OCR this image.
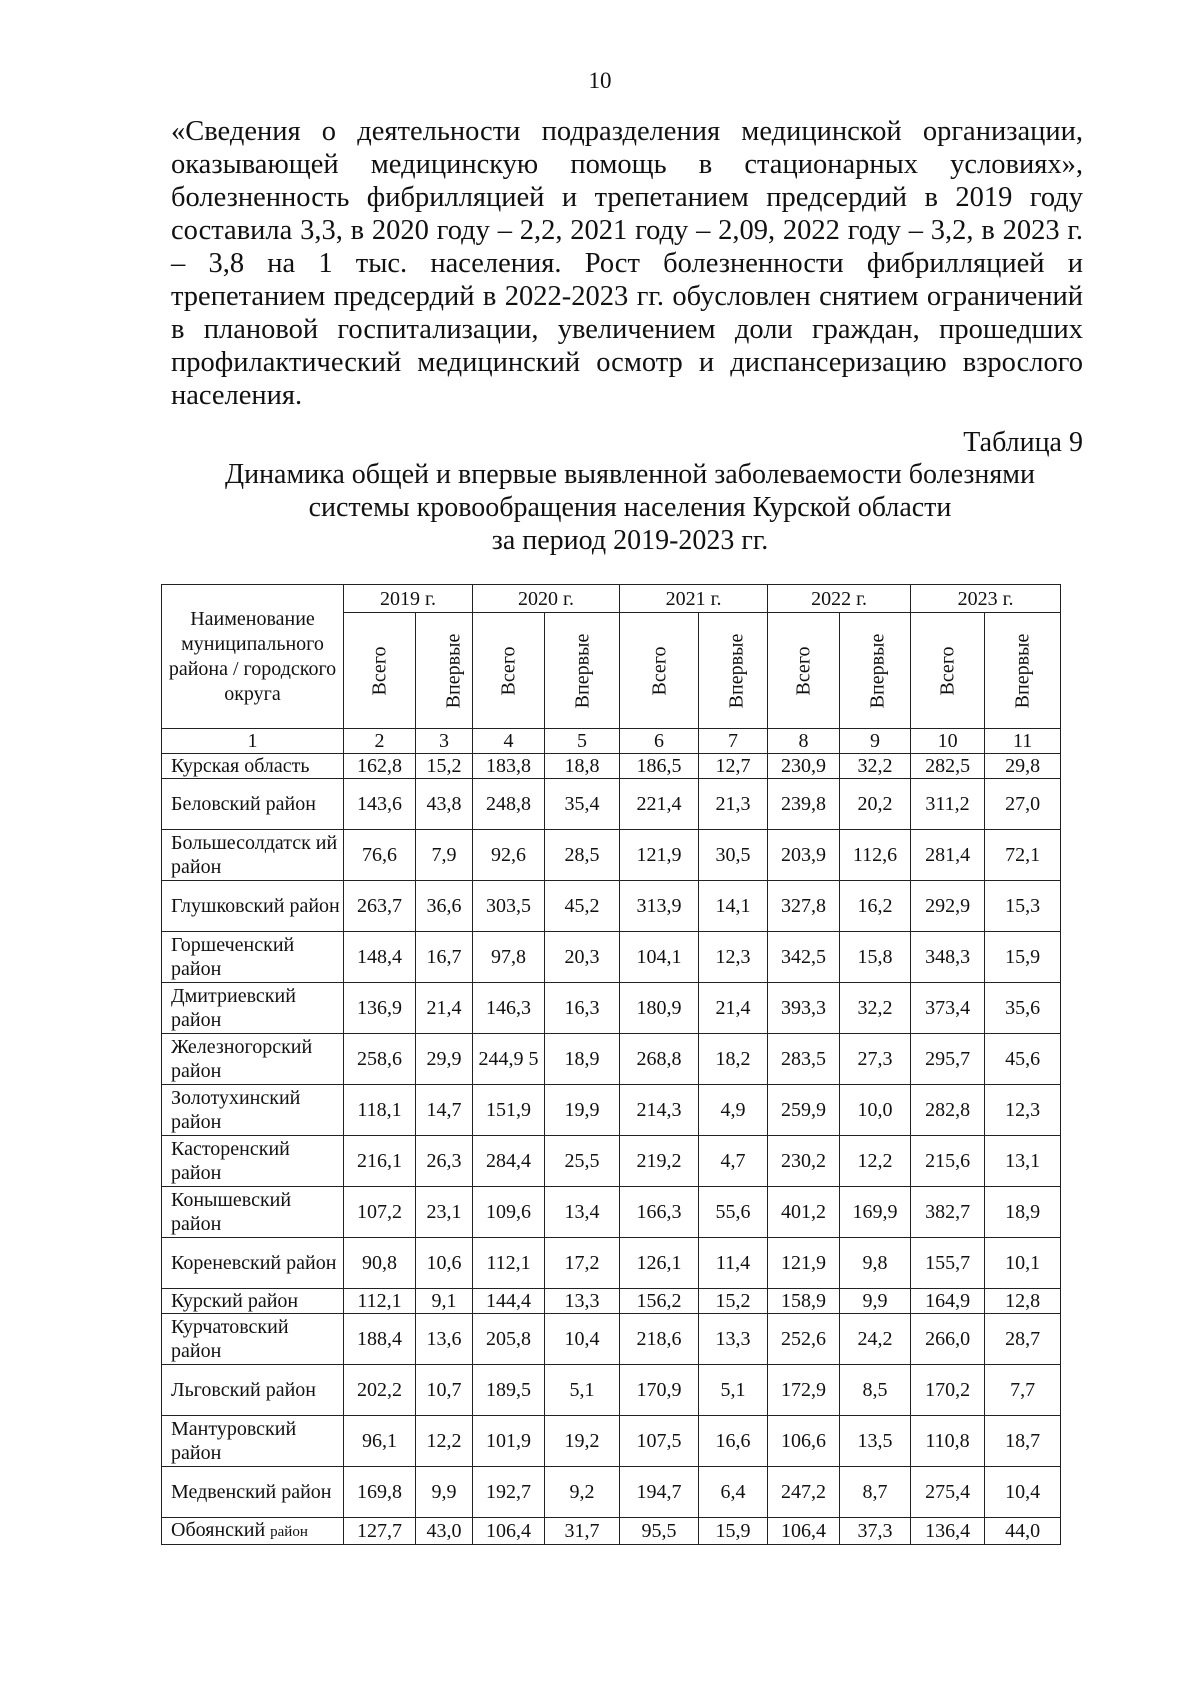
10

«Сведения о деятельности подразделения медицинской организации, оказывающей медицинскую помощь в стационарных условиях», болезненность фибрилляцией и трепетанием предсердий в 2019 году составила 3,3, в 2020 году – 2,2, 2021 году – 2,09, 2022 году – 3,2, в 2023 г. – 3,8 на 1 тыс. населения. Рост болезненности фибрилляцией и трепетанием предсердий в 2022-2023 гг. обусловлен снятием ограничений в плановой госпитализации, увеличением доли граждан, прошедших профилактический медицинский осмотр и диспансеризацию взрослого населения.

Таблица 9
Динамика общей и впервые выявленной заболеваемости болезнями
системы кровообращения населения Курской области
за период 2019-2023 гг.
Наименование муниципального района / городского округа	2019 г.		2020 г.		2021 г.		2022 г.		2023 г.	
	Всего	Впервые	Всего	Впервые	Всего	Впервые	Всего	Впервые	Всего	Впервые
1	2	3	4	5	6	7	8	9	10	11
Курская область	162,8	15,2	183,8	18,8	186,5	12,7	230,9	32,2	282,5	29,8
Беловский район	143,6	43,8	248,8	35,4	221,4	21,3	239,8	20,2	311,2	27,0
Большесолдатск ий район	76,6	7,9	92,6	28,5	121,9	30,5	203,9	112,6	281,4	72,1
Глушковский район	263,7	36,6	303,5	45,2	313,9	14,1	327,8	16,2	292,9	15,3
Горшеченский район	148,4	16,7	97,8	20,3	104,1	12,3	342,5	15,8	348,3	15,9
Дмитриевский район	136,9	21,4	146,3	16,3	180,9	21,4	393,3	32,2	373,4	35,6
Железногорский район	258,6	29,9	244,9 5	18,9	268,8	18,2	283,5	27,3	295,7	45,6
Золотухинский район	118,1	14,7	151,9	19,9	214,3	4,9	259,9	10,0	282,8	12,3
Касторенский район	216,1	26,3	284,4	25,5	219,2	4,7	230,2	12,2	215,6	13,1
Конышевский район	107,2	23,1	109,6	13,4	166,3	55,6	401,2	169,9	382,7	18,9
Кореневский район	90,8	10,6	112,1	17,2	126,1	11,4	121,9	9,8	155,7	10,1
Курский район	112,1	9,1	144,4	13,3	156,2	15,2	158,9	9,9	164,9	12,8
Курчатовский район	188,4	13,6	205,8	10,4	218,6	13,3	252,6	24,2	266,0	28,7
Льговский район	202,2	10,7	189,5	5,1	170,9	5,1	172,9	8,5	170,2	7,7
Мантуровский район	96,1	12,2	101,9	19,2	107,5	16,6	106,6	13,5	110,8	18,7
Медвенский район	169,8	9,9	192,7	9,2	194,7	6,4	247,2	8,7	275,4	10,4
Обоянский район	127,7	43,0	106,4	31,7	95,5	15,9	106,4	37,3	136,4	44,0
